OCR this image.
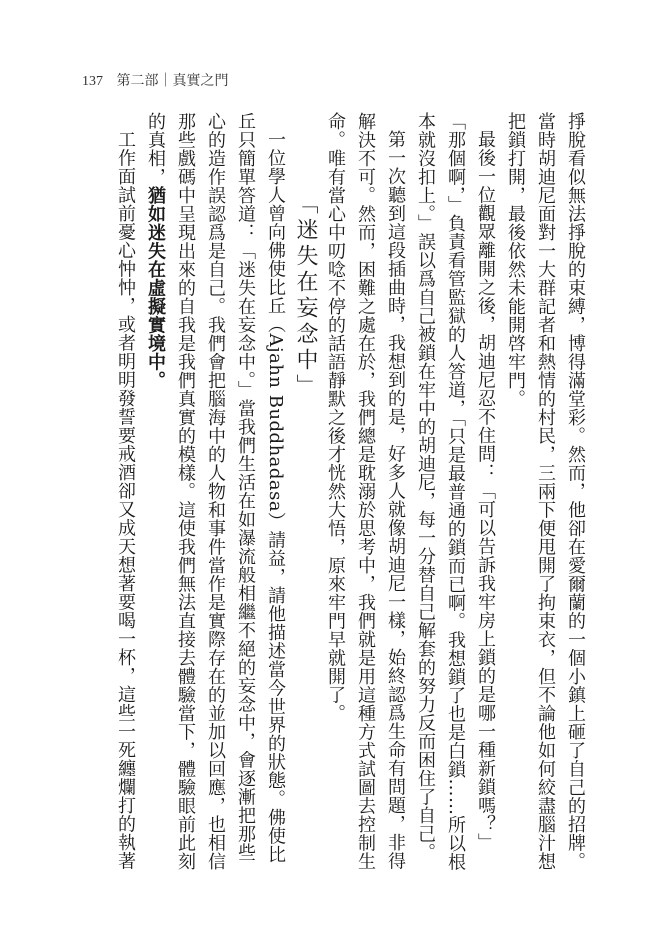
137 第二部｜真實之門

掙脫看似無法掙脫的束縛，博得滿堂彩。然而，他卻在愛爾蘭的一個小鎮上砸了自己的招牌。當時胡迪尼面對一大群記者和熱情的村民，三兩下便甩開了拘束衣，但不論他如何絞盡腦汁想把鎖打開，最後依然未能開啓牢門。

最後一位觀眾離開之後，胡迪尼忍不住問：「可以告訴我牢房上鎖的是哪一種新鎖嗎？」「那個啊，」負責看管監獄的人答道，「只是最普通的鎖而已啊。我想鎖了也是白鎖……所以根本就沒扣上。」誤以爲自己被鎖在牢中的胡迪尼，每一分替自己解套的努力反而困住了自己。

第一次聽到這段插曲時，我想到的是，好多人就像胡迪尼一樣，始終認爲生命有問題，非得解決不可。然而，困難之處在於，我們總是耽溺於思考中，我們就是用這種方式試圖去控制生命。唯有當心中叨唸不停的話語靜默之後才恍然大悟，原來牢門早就開了。

「迷失在妄念中」

一位學人曾向佛使比丘（Ajahn Buddhadasa）請益，請他描述當今世界的狀態。佛使比丘只簡單答道：「迷失在妄念中。」當我們生活在如瀑流般相繼不絕的妄念中，會逐漸把那些心的造作誤認爲是自己。我們會把腦海中的人物和事件當作是實際存在的並加以回應，也相信那些戲碼中呈現出來的自我是我們真實的模樣。這使我們無法直接去體驗當下，體驗眼前此刻的真相，猶如迷失在虛擬實境中。

工作面試前憂心忡忡，或者明明發誓要戒酒卻又成天想著要喝一杯，這些一死纏爛打的執著
